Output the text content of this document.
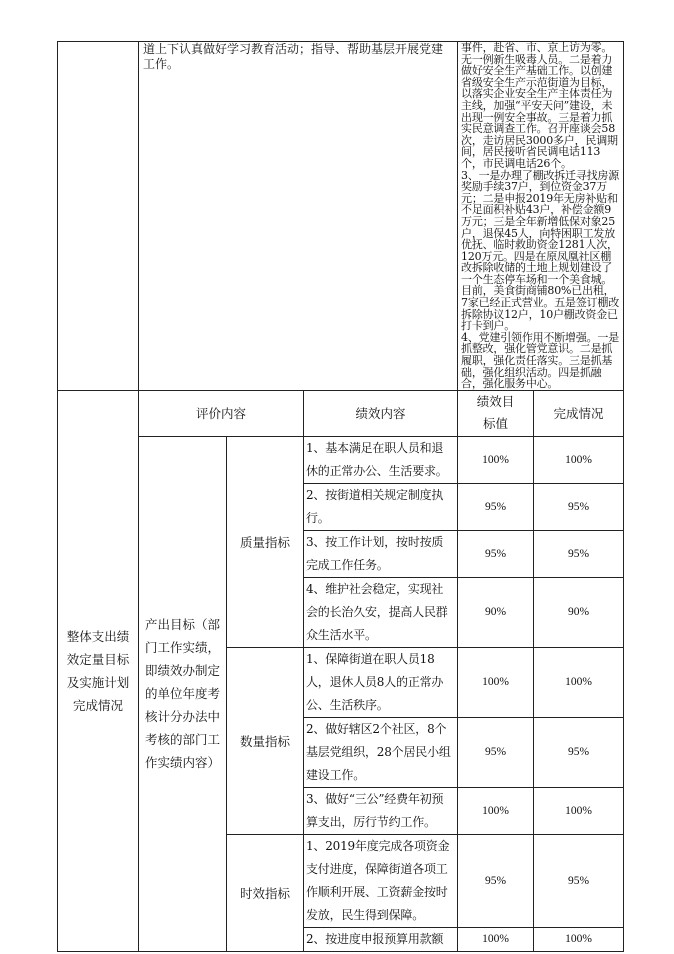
	道上下认真做好学习教育活动；指导、帮助基层开展党建工作。			事件，赴省、市、京上访为零。无一例新生吸毒人员。二是着力做好安全生产基础工作。以创建省级安全生产示范街道为目标，以落实企业安全生产主体责任为主线，加强“平安天问”建设，未出现一例安全事故。三是着力抓实民意调查工作。召开座谈会58次，走访居民3000多户，民调期间，居民接听省民调电话113个，市民调电话26个。

3、一是办理了棚改拆迁寻找房源奖励手续37户，到位资金37万元；二是申报2019年无房补贴和不足面积补贴43户，补偿金额9万元；三是全年新增低保对象25户，退保45人，向特困职工发放优抚、临时救助资金1281人次，120万元。四是在原凤凰社区棚改拆除收储的土地上规划建设了一个生态停车场和一个美食城。目前，美食街商铺80%已出租，7家已经正式营业。五是签订棚改拆除协议12户，10户棚改资金已打卡到户。

4、党建引领作用不断增强。一是抓整改，强化管党意识。二是抓履职，强化责任落实。三是抓基础，强化组织活动。四是抓融合，强化服务中心。	

整体支出绩效定量目标及实施计划完成情况	评价内容		绩效内容	绩效目标值	完成情况
	产出目标（部门工作实绩，即绩效办制定的单位年度考核计分办法中考核的部门工作实绩内容）	质量指标	1、基本满足在职人员和退休的正常办公、生活要求。	100%	100%
			2、按街道相关规定制度执行。	95%	95%
			3、按工作计划，按时按质完成工作任务。	95%	95%
			4、维护社会稳定，实现社会的长治久安，提高人民群众生活水平。	90%	90%
		数量指标	1、保障街道在职人员18人，退休人员8人的正常办公、生活秩序。	100%	100%
			2、做好辖区2个社区，8个基层党组织，28个居民小组建设工作。	95%	95%
			3、做好“三公”经费年初预算支出，厉行节约工作。	100%	100%
		时效指标	1、2019年度完成各项资金支付进度，保障街道各项工作顺利开展、工资薪金按时发放，民生得到保障。	95%	95%
			2、按进度申报预算用款额	100%	100%
